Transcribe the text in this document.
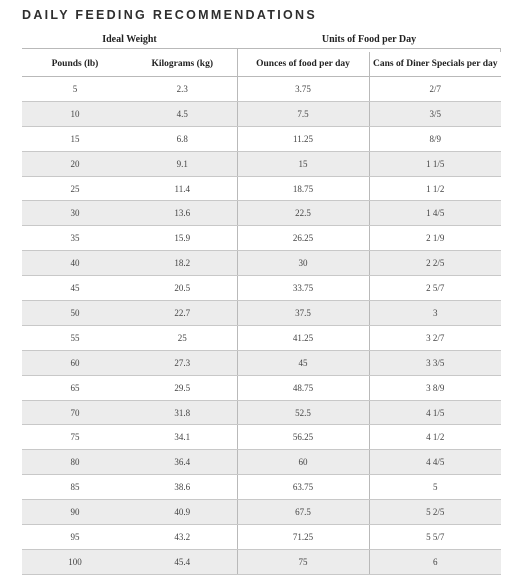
DAILY FEEDING RECOMMENDATIONS
Ideal Weight	Units of Food per Day
Pounds (lb)	Kilograms (kg)	Ounces of food per day	Cans of Diner Specials per day
5	2.3	3.75	2/7
10	4.5	7.5	3/5
15	6.8	11.25	8/9
20	9.1	15	1 1/5
25	11.4	18.75	1 1/2
30	13.6	22.5	1 4/5
35	15.9	26.25	2 1/9
40	18.2	30	2 2/5
45	20.5	33.75	2 5/7
50	22.7	37.5	3
55	25	41.25	3 2/7
60	27.3	45	3 3/5
65	29.5	48.75	3 8/9
70	31.8	52.5	4 1/5
75	34.1	56.25	4 1/2
80	36.4	60	4 4/5
85	38.6	63.75	5
90	40.9	67.5	5 2/5
95	43.2	71.25	5 5/7
100	45.4	75	6
